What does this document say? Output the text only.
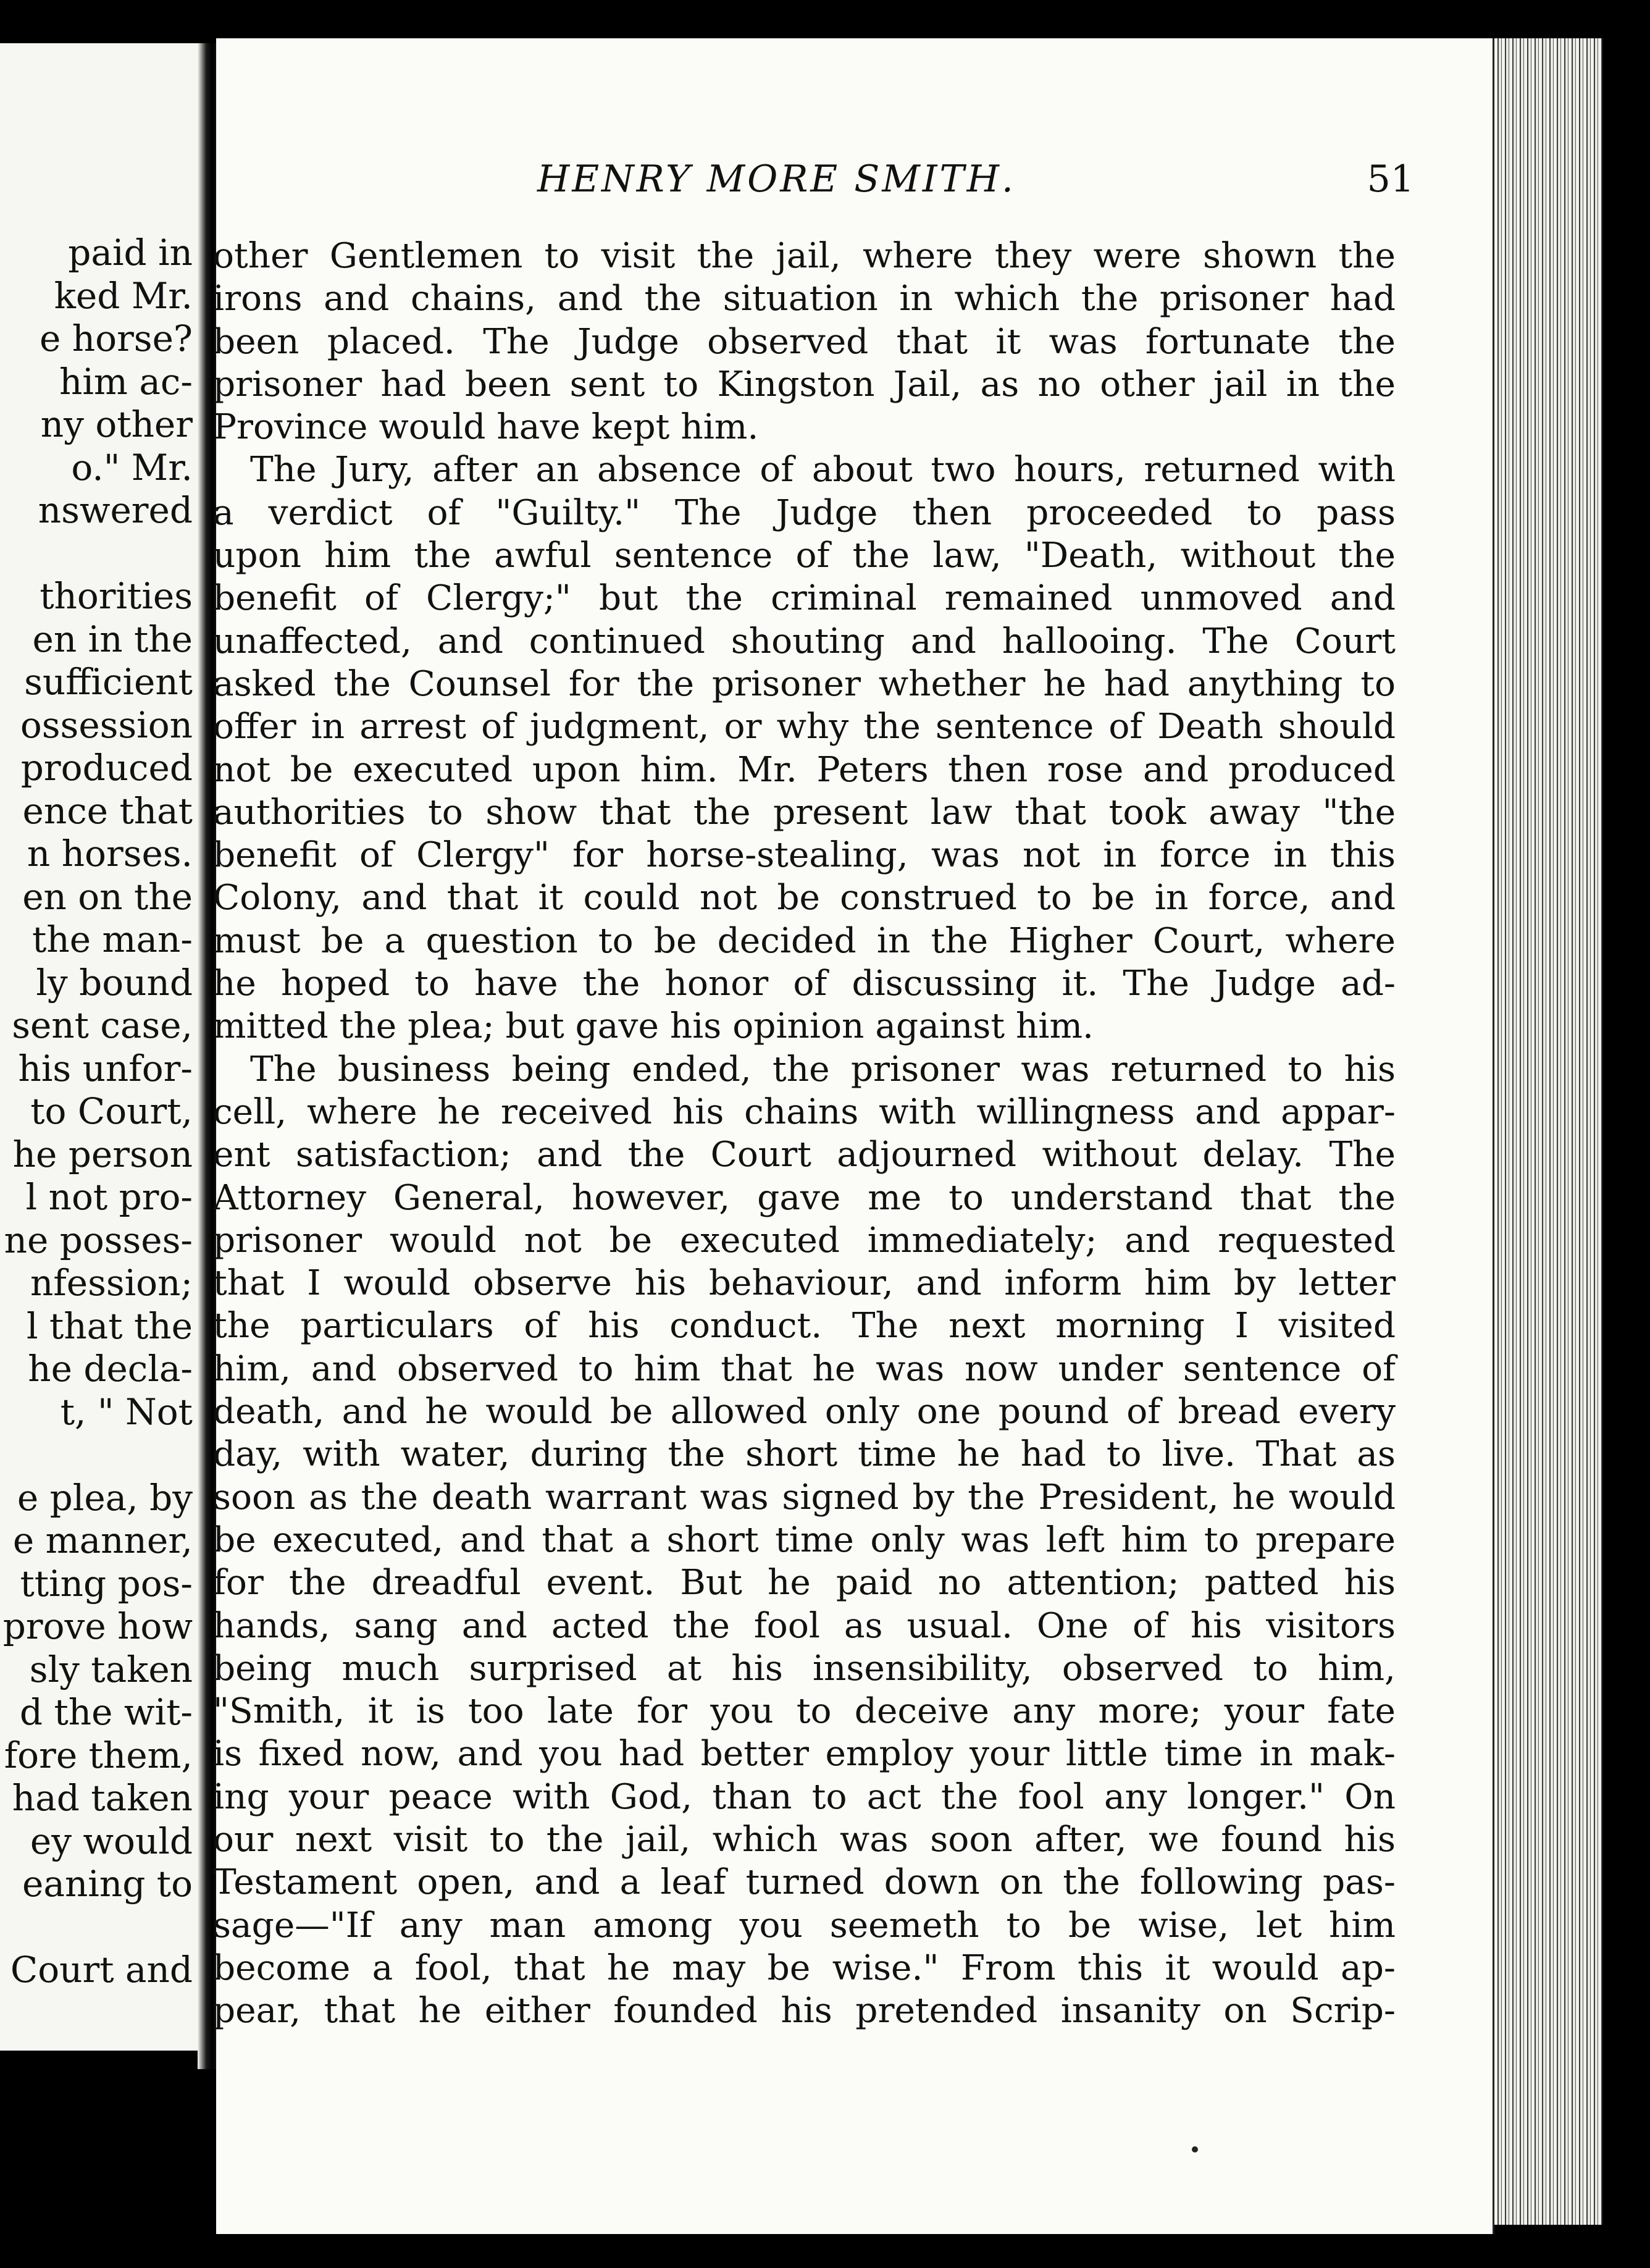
paid in
ked Mr.
e horse?
him ac-
ny other
o." Mr.
nswered
thorities
en in the
sufficient
ossession
produced
ence that
n horses.
en on the
the man-
ly bound
sent case,
his unfor-
to Court,
he person
l not pro-
ne posses-
nfession;
l that the
he decla-
t, " Not
e plea, by
e manner,
tting pos-
prove how
sly taken
d the wit-
fore them,
had taken
ey would
eaning to
Court and
HENRY MORE SMITH.	51
other Gentlemen to visit the jail, where they were shown the
irons and chains, and the situation in which the prisoner had
been placed. The Judge observed that it was fortunate the
prisoner had been sent to Kingston Jail, as no other jail in the
Province would have kept him.
The Jury, after an absence of about two hours, returned with
a verdict of "Guilty." The Judge then proceeded to pass
upon him the awful sentence of the law, "Death, without the
benefit of Clergy;" but the criminal remained unmoved and
unaffected, and continued shouting and hallooing. The Court
asked the Counsel for the prisoner whether he had anything to
offer in arrest of judgment, or why the sentence of Death should
not be executed upon him. Mr. Peters then rose and produced
authorities to show that the present law that took away "the
benefit of Clergy" for horse-stealing, was not in force in this
Colony, and that it could not be construed to be in force, and
must be a question to be decided in the Higher Court, where
he hoped to have the honor of discussing it. The Judge ad-
mitted the plea; but gave his opinion against him.
The business being ended, the prisoner was returned to his
cell, where he received his chains with willingness and appar-
ent satisfaction; and the Court adjourned without delay. The
Attorney General, however, gave me to understand that the
prisoner would not be executed immediately; and requested
that I would observe his behaviour, and inform him by letter
the particulars of his conduct. The next morning I visited
him, and observed to him that he was now under sentence of
death, and he would be allowed only one pound of bread every
day, with water, during the short time he had to live. That as
soon as the death warrant was signed by the President, he would
be executed, and that a short time only was left him to prepare
for the dreadful event. But he paid no attention; patted his
hands, sang and acted the fool as usual. One of his visitors
being much surprised at his insensibility, observed to him,
"Smith, it is too late for you to deceive any more; your fate
is fixed now, and you had better employ your little time in mak-
ing your peace with God, than to act the fool any longer." On
our next visit to the jail, which was soon after, we found his
Testament open, and a leaf turned down on the following pas-
sage—"If any man among you seemeth to be wise, let him
become a fool, that he may be wise." From this it would ap-
pear, that he either founded his pretended insanity on Scrip-
